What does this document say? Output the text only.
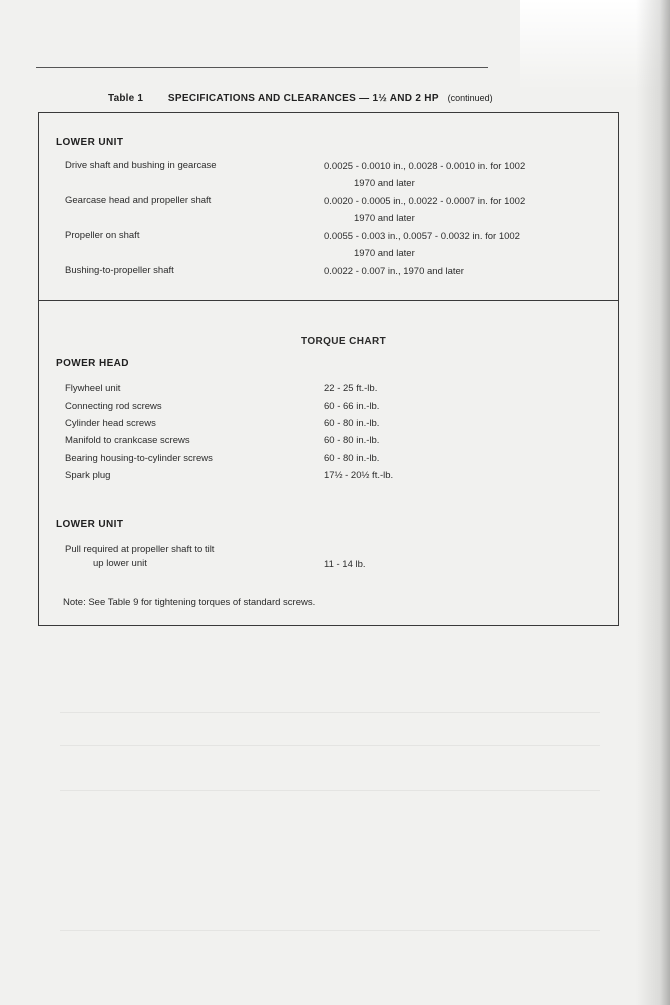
Table 1 SPECIFICATIONS AND CLEARANCES — 1½ AND 2 HP (continued)
LOWER UNIT
Drive shaft and bushing in gearcase	0.0025 - 0.0010 in., 0.0028 - 0.0010 in. for 1002
1970 and later
Gearcase head and propeller shaft	0.0020 - 0.0005 in., 0.0022 - 0.0007 in. for 1002
1970 and later
Propeller on shaft	0.0055 - 0.003 in., 0.0057 - 0.0032 in. for 1002
1970 and later
Bushing-to-propeller shaft	0.0022 - 0.007 in., 1970 and later
TORQUE CHART
POWER HEAD
Flywheel unit	22 - 25 ft.-lb.
Connecting rod screws	60 - 66 in.-lb.
Cylinder head screws	60 - 80 in.-lb.
Manifold to crankcase screws	60 - 80 in.-lb.
Bearing housing-to-cylinder screws	60 - 80 in.-lb.
Spark plug	17½ - 20½ ft.-lb.
LOWER UNIT
Pull required at propeller shaft to tilt
up lower unit	11 - 14 lb.
Note: See Table 9 for tightening torques of standard screws.
